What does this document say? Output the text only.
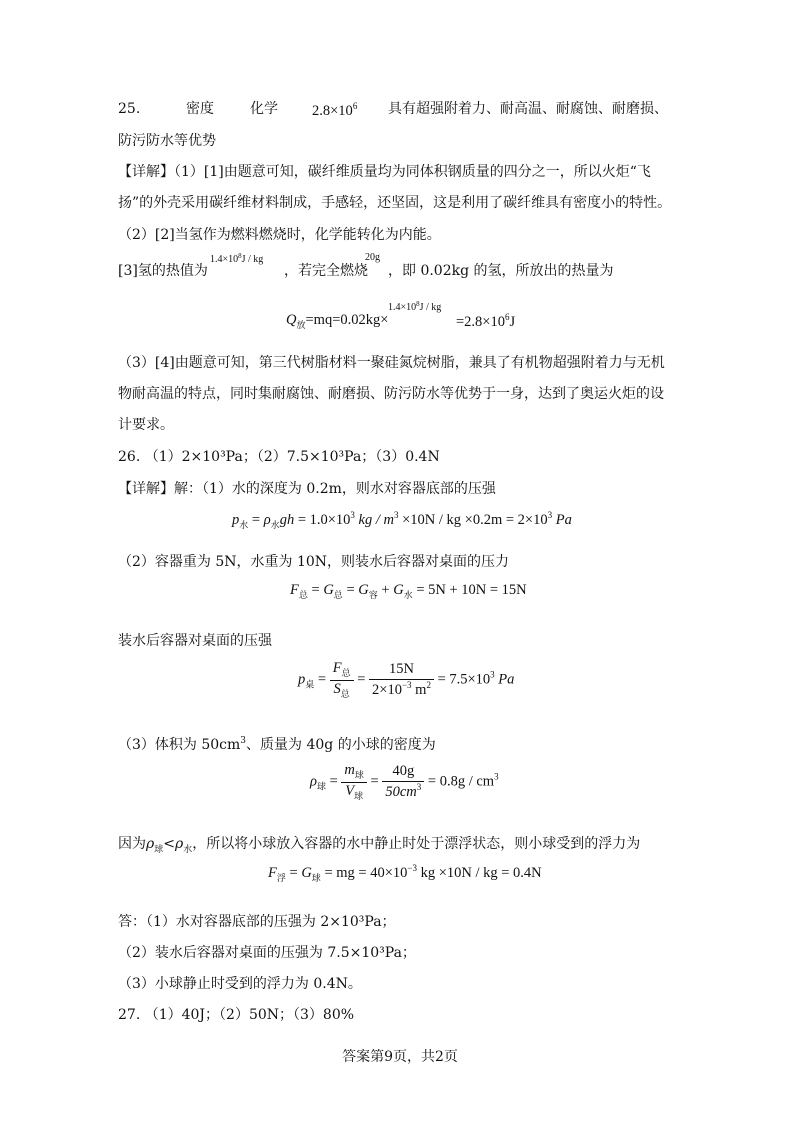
25.	密度	化学 $2.8\times 10^6$ 具有超强附着力、耐高温、耐腐蚀、耐磨损、
防污防水等优势
【详解】（1）[1]由题意可知，碳纤维质量均为同体积钢质量的四分之一，所以火炬“飞
扬”的外壳采用碳纤维材料制成，手感轻，还坚固，这是利用了碳纤维具有密度小的特性。
（2）[2]当氢作为燃料燃烧时，化学能转化为内能。
[3]氢的热值为
$1.4\times 10^8J$ / kg
，若完全燃烧
20g
，即 0.02kg 的氢，所放出的热量为
$Q_放=mq=0.02kg\times$
$1.4\times 10^8J$ / kg
$=2.8\times 10^6J$
（3）[4]由题意可知，第三代树脂材料一聚硅氮烷树脂，兼具了有机物超强附着力与无机
物耐高温的特点，同时集耐腐蚀、耐磨损、防污防水等优势于一身，达到了奥运火炬的设
计要求。
26. （1）2×10³Pa；（2）7.5×10³Pa；（3）0.4N
【详解】解：（1）水的深度为 0.2m，则水对容器底部的压强
$p_水 = \rho_水gh = 1.0\times 10^3$ kg / $m^3 \times 10N$ / kg $\times 0.2m = 2\times 10^3$ Pa
（2）容器重为 5N，水重为 10N，则装水后容器对桌面的压力
$F_总 = G_总 = G_容 + G_水 = 5N + 10N = 15N$
装水后容器对桌面的压强
$p_桌 = \frac{F_总}{S_总} = \frac{15N}{2\times 10^{-3} m^2} = 7.5\times 10^3$ Pa
（3）体积为 $50cm^3$、质量为 40g 的小球的密度为
$\rho_球 = \frac{m_球}{V_球} = \frac{40g}{50cm^3} = 0.8g / cm^3$
因为$\rho_球<\rho_水$，所以将小球放入容器的水中静止时处于漂浮状态，则小球受到的浮力为
$F_浮 = G_球$ = mg = $40\times 10^{-3}$ kg ×10N / kg = 0.4N
答：（1）水对容器底部的压强为 2×10³Pa；
（2）装水后容器对桌面的压强为 7.5×10³Pa；
（3）小球静止时受到的浮力为 0.4N。
27. （1）40J；（2）50N；（3）80%
答案第9页，共2页
